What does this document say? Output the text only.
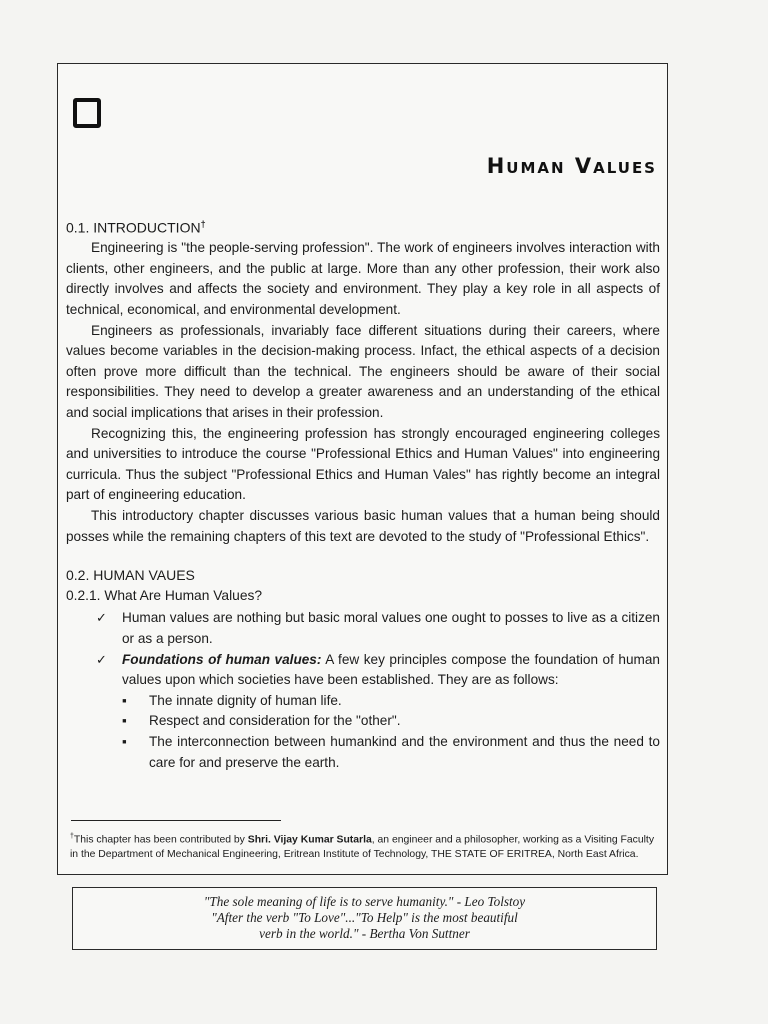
Human Values
0.1. INTRODUCTION†

Engineering is "the people-serving profession". The work of engineers involves interaction with clients, other engineers, and the public at large. More than any other profession, their work also directly involves and affects the society and environment. They play a key role in all aspects of technical, economical, and environmental development.

Engineers as professionals, invariably face different situations during their careers, where values become variables in the decision-making process. Infact, the ethical aspects of a decision often prove more difficult than the technical. The engineers should be aware of their social responsibilities. They need to develop a greater awareness and an understanding of the ethical and social implications that arises in their profession.

Recognizing this, the engineering profession has strongly encouraged engineering colleges and universities to introduce the course "Professional Ethics and Human Values" into engineering curricula. Thus the subject "Professional Ethics and Human Vales" has rightly become an integral part of engineering education.

This introductory chapter discusses various basic human values that a human being should posses while the remaining chapters of this text are devoted to the study of "Professional Ethics".

0.2. HUMAN VAUES
0.2.1. What Are Human Values?
✓ Human values are nothing but basic moral values one ought to posses to live as a citizen or as a person.
✓ Foundations of human values: A few key principles compose the foundation of human values upon which societies have been established. They are as follows:
▪ The innate dignity of human life.
▪ Respect and consideration for the "other".
▪ The interconnection between humankind and the environment and thus the need to care for and preserve the earth.

†This chapter has been contributed by Shri. Vijay Kumar Sutarla, an engineer and a philosopher, working as a Visiting Faculty in the Department of Mechanical Engineering, Eritrean Institute of Technology, THE STATE OF ERITREA, North East Africa.

"The sole meaning of life is to serve humanity." - Leo Tolstoy
"After the verb "To Love"..."To Help" is the most beautiful
verb in the world." - Bertha Von Suttner
